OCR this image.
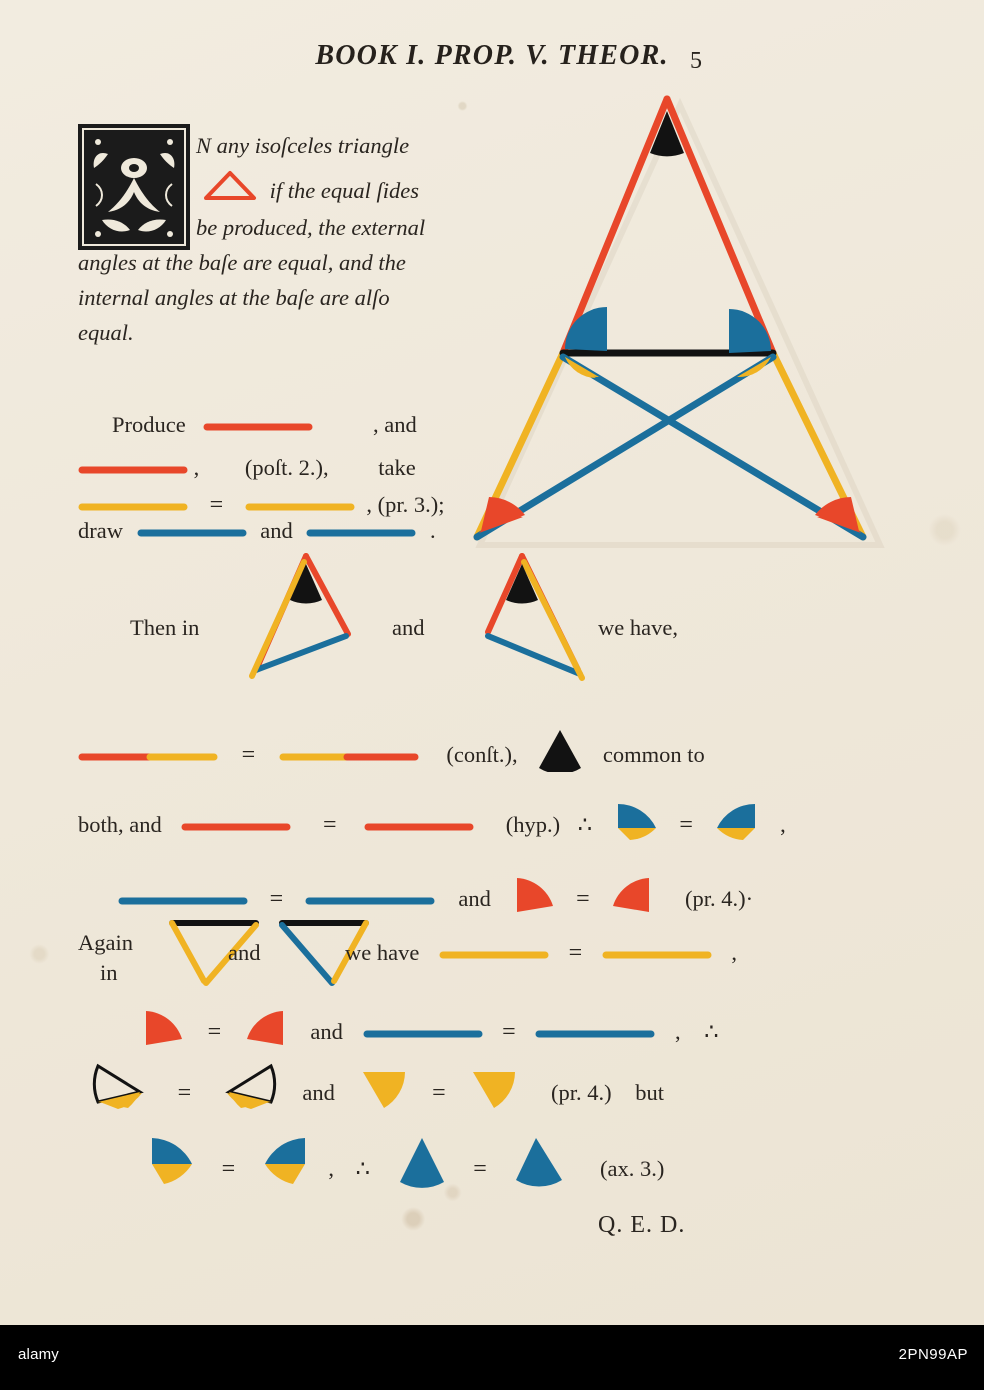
BOOK I. PROP. V. THEOR. 5
N any isoſceles triangle
if the equal ſides
be produced, the external
angles at the baſe are equal, and the
internal angles at the baſe are alſo
equal.
Produce	, and
, (poſt. 2.), take
=	, (pr. 3.);
draw	and	.
Then in	and	we have,
=	(conſt.),	common to
both, and	=	(hyp.) ∴	=	,
=	and	=	(pr. 4.)·
Again
in
and	we have	=	,
=	and	=	, ∴
=	and	=	(pr. 4.) but
=	, ∴	=	(ax. 3.)
Q. E. D.
alamy	2PN99AP
